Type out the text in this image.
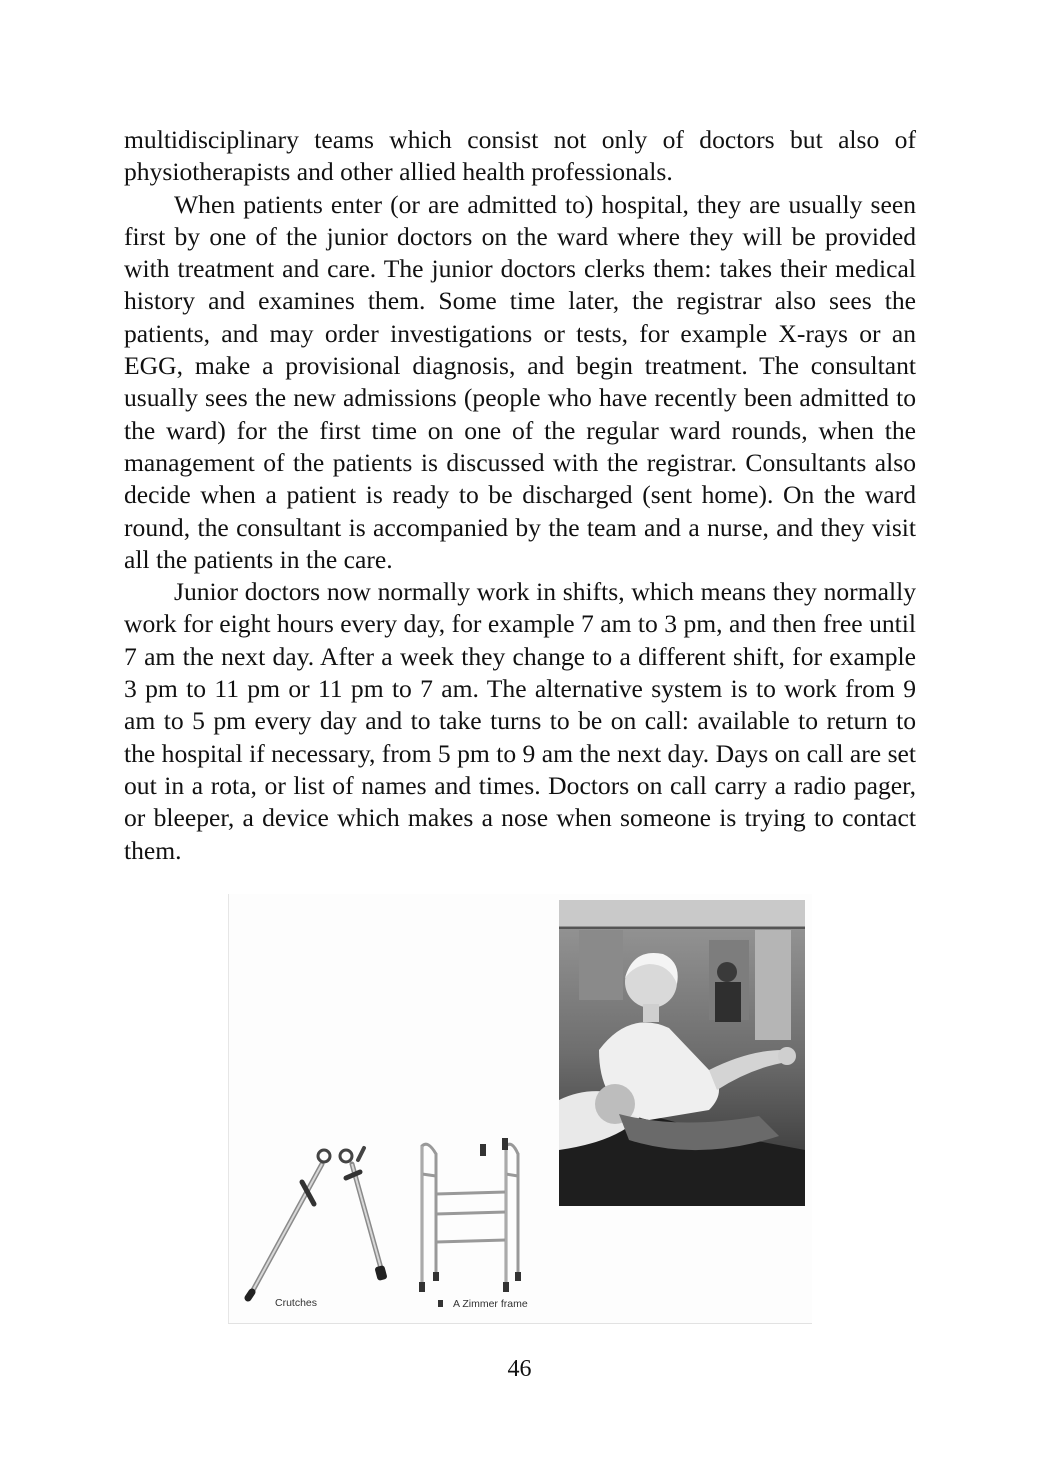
multidisciplinary teams which consist not only of doctors but also of physiotherapists and other allied health professionals.

When patients enter (or are admitted to) hospital, they are usually seen first by one of the junior doctors on the ward where they will be provided with treatment and care. The junior doctors clerks them: takes their medical history and examines them. Some time later, the registrar also sees the patients, and may order investigations or tests, for example X-rays or an EGG, make a provisional diagnosis, and begin treatment. The consultant usually sees the new admissions (people who have recently been admitted to the ward) for the first time on one of the regular ward rounds, when the management of the patients is discussed with the registrar. Consultants also decide when a patient is ready to be discharged (sent home). On the ward round, the consultant is accompanied by the team and a nurse, and they visit all the patients in the care.

Junior doctors now normally work in shifts, which means they normally work for eight hours every day, for example 7 am to 3 pm, and then free until 7 am the next day. After a week they change to a different shift, for example 3 pm to 11 pm or 11 pm to 7 am. The alternative system is to work from 9 am to 5 pm every day and to take turns to be on call: available to return to the hospital if necessary, from 5 pm to 9 am the next day. Days on call are set out in a rota, or list of names and times. Doctors on call carry a radio pager, or bleeper, a device which makes a nose when someone is trying to contact them.

Crutches	A Zimmer frame
46
